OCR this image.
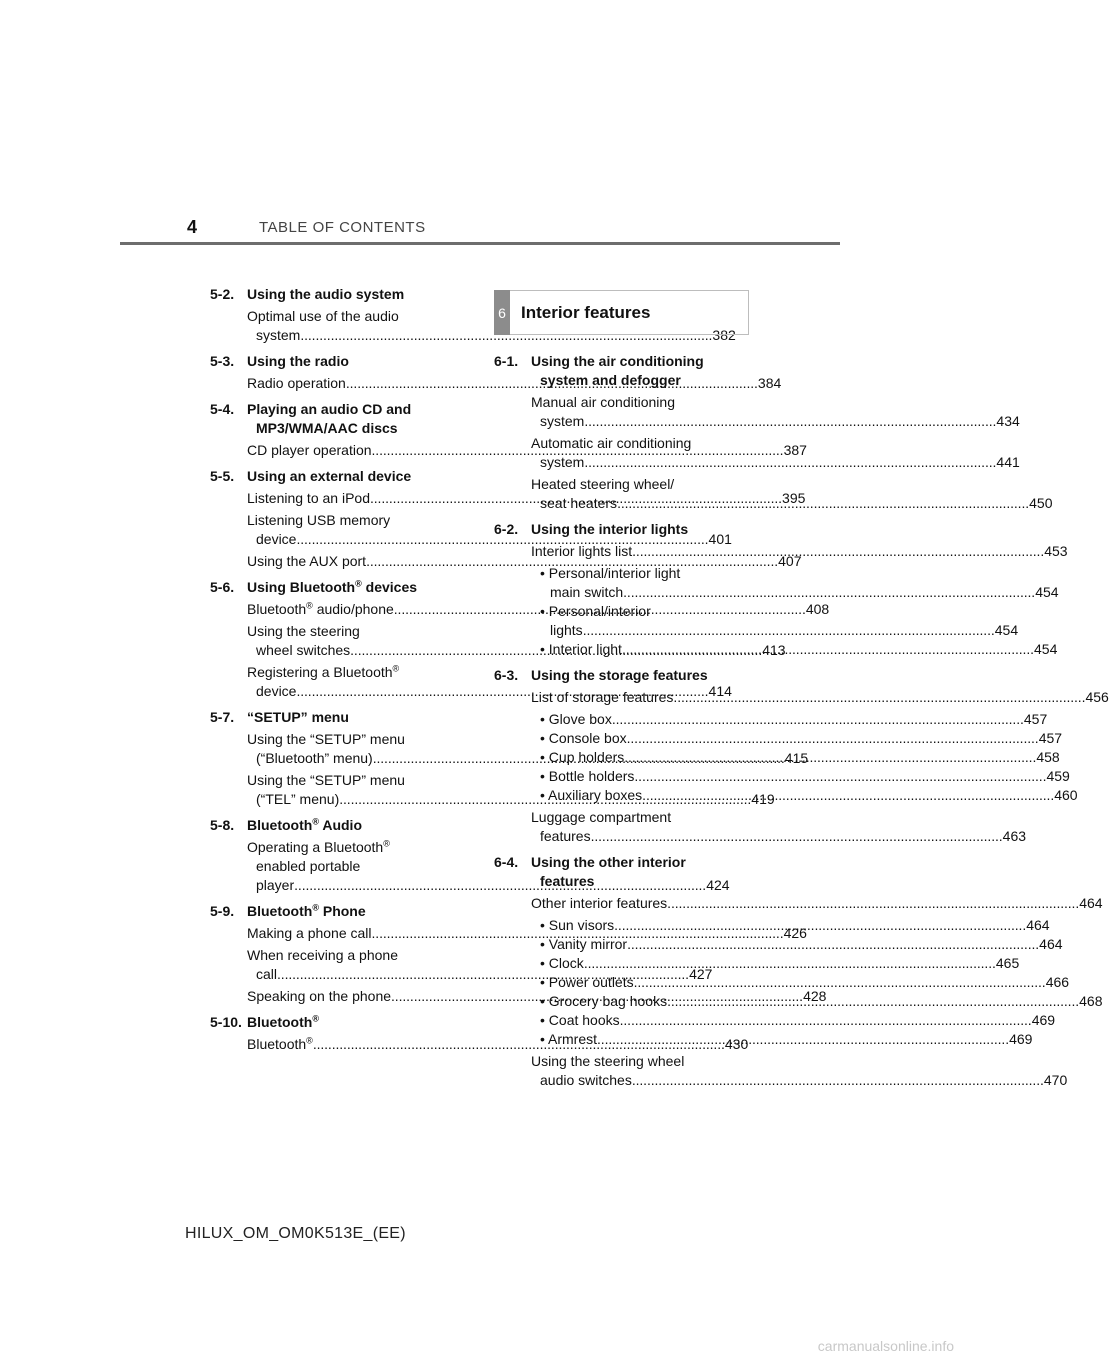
4	TABLE OF CONTENTS
5-2. Using the audio system
Optimal use of the audio
system . . .	382
5-3. Using the radio
Radio operation . . .	384
5-4. Playing an audio CD and
MP3/WMA/AAC discs
CD player operation . . .	387
5-5. Using an external device
Listening to an iPod . . .	395
Listening USB memory
device . . .	401
Using the AUX port . . .	407
5-6. Using Bluetooth® devices
Bluetooth® audio/phone . . .	408
Using the steering
wheel switches . . .	413
Registering a Bluetooth®
device . . .	414
5-7. “SETUP” menu
Using the “SETUP” menu
(“Bluetooth” menu) . . .	415
Using the “SETUP” menu
(“TEL” menu) . . .	419
5-8. Bluetooth® Audio
Operating a Bluetooth®
enabled portable
player . . .	424
5-9. Bluetooth® Phone
Making a phone call . . .	426
When receiving a phone
call . . .	427
Speaking on the phone . . .	428
5-10. Bluetooth®
Bluetooth® . . .	430
6 Interior features
6-1. Using the air conditioning
system and defogger
Manual air conditioning
system . . .	434
Automatic air conditioning
system . . .	441
Heated steering wheel/
seat heaters . . .	450
6-2. Using the interior lights
Interior lights list . . .	453
• Personal/interior light
main switch . . .	454
• Personal/interior
lights . . .	454
• Interior light . . .	454
6-3. Using the storage features
List of storage features . . .	456
• Glove box . . .	457
• Console box . . .	457
• Cup holders . . .	458
• Bottle holders . . .	459
• Auxiliary boxes . . .	460
Luggage compartment
features . . .	463
6-4. Using the other interior
features
Other interior features . . .	464
• Sun visors . . .	464
• Vanity mirror . . .	464
• Clock . . .	465
• Power outlets . . .	466
• Grocery bag hooks . . .	468
• Coat hooks . . .	469
• Armrest . . .	469
Using the steering wheel
audio switches . . .	470
HILUX_OM_OM0K513E_(EE)
carmanualsonline.info
